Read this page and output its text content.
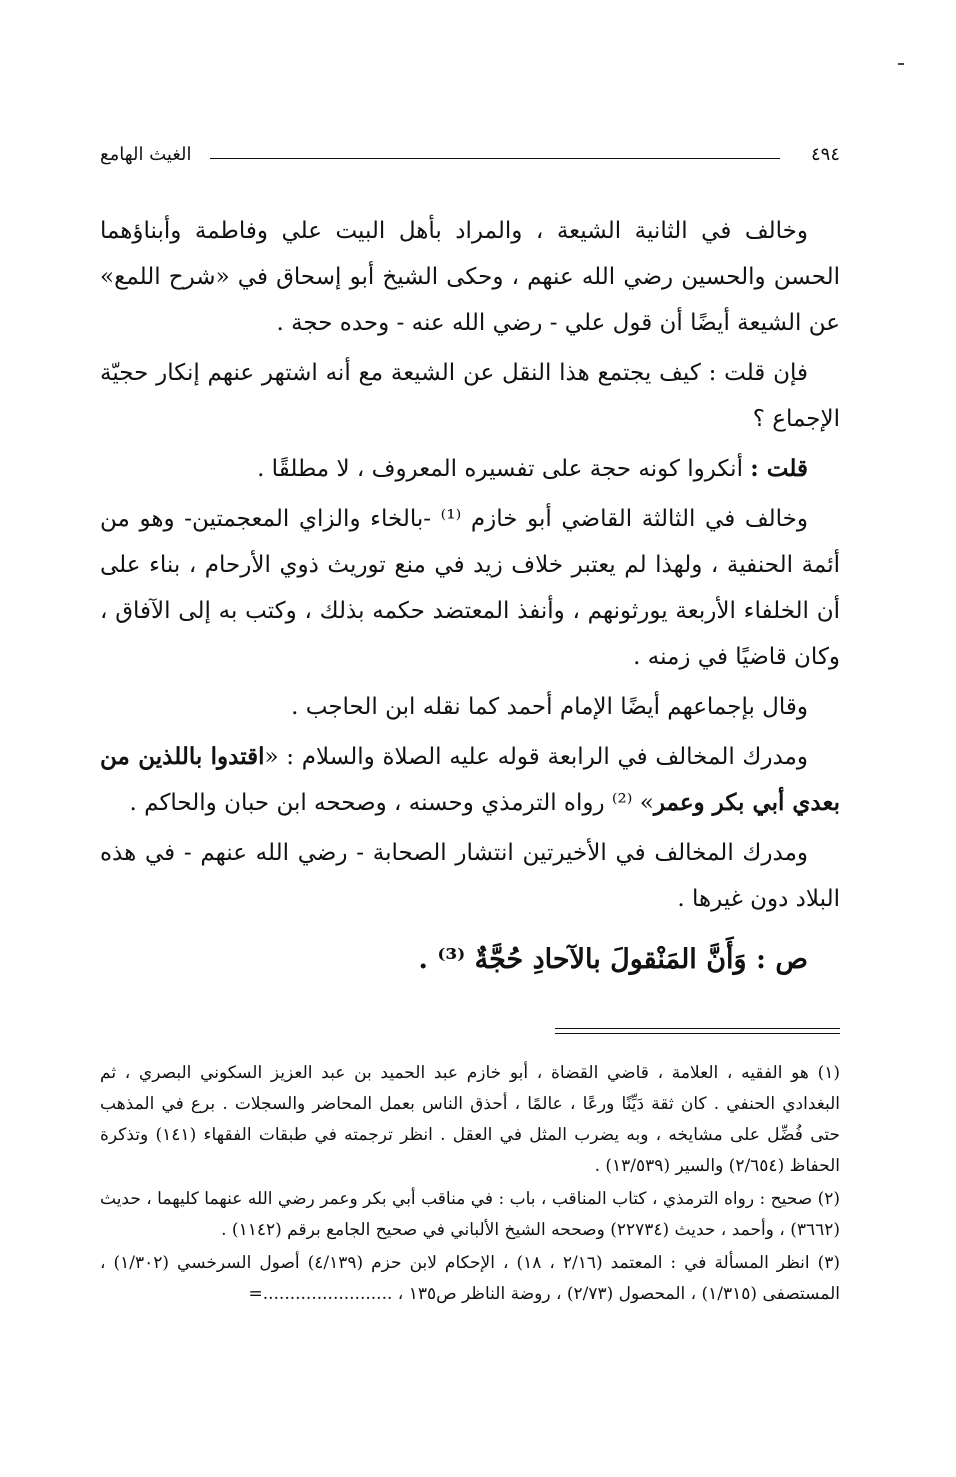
٤٩٤
الغيث الهامع

وخالف في الثانية الشيعة ، والمراد بأهل البيت علي وفاطمة وأبناؤهما الحسن والحسين رضي الله عنهم ، وحكى الشيخ أبو إسحاق في «شرح اللمع» عن الشيعة أيضًا أن قول علي - رضي الله عنه - وحده حجة .

فإن قلت : كيف يجتمع هذا النقل عن الشيعة مع أنه اشتهر عنهم إنكار حجيّة الإجماع ؟

قلت : أنكروا كونه حجة على تفسيره المعروف ، لا مطلقًا .

وخالف في الثالثة القاضي أبو خازم ⁽¹⁾ -بالخاء والزاي المعجمتين- وهو من أئمة الحنفية ، ولهذا لم يعتبر خلاف زيد في منع توريث ذوي الأرحام ، بناء على أن الخلفاء الأربعة يورثونهم ، وأنفذ المعتضد حكمه بذلك ، وكتب به إلى الآفاق ، وكان قاضيًا في زمنه .

وقال بإجماعهم أيضًا الإمام أحمد كما نقله ابن الحاجب .

ومدرك المخالف في الرابعة قوله عليه الصلاة والسلام : «اقتدوا باللذين من بعدي أبي بكر وعمر» ⁽²⁾ رواه الترمذي وحسنه ، وصححه ابن حبان والحاكم .

ومدرك المخالف في الأخيرتين انتشار الصحابة - رضي الله عنهم - في هذه البلاد دون غيرها .

ص : وَأَنَّ المَنْقولَ بالآحادِ حُجَّةٌ ⁽³⁾ .

(١) هو الفقيه ، العلامة ، قاضي القضاة ، أبو خازم عبد الحميد بن عبد العزيز السكوني البصري ، ثم البغدادي الحنفي . كان ثقة دَيِّنًا ورعًا ، عالمًا ، أحذق الناس بعمل المحاضر والسجلات . برع في المذهب حتى فُضِّل على مشايخه ، وبه يضرب المثل في العقل . انظر ترجمته في طبقات الفقهاء (١٤١) وتذكرة الحفاظ (٢/٦٥٤) والسير (١٣/٥٣٩) .

(٢) صحيح : رواه الترمذي ، كتاب المناقب ، باب : في مناقب أبي بكر وعمر رضي الله عنهما كليهما ، حديث (٣٦٦٢) ، وأحمد ، حديث (٢٢٧٣٤) وصححه الشيخ الألباني في صحيح الجامع برقم (١١٤٢) .

(٣) انظر المسألة في : المعتمد (٢/١٦ ، ١٨) ، الإحكام لابن حزم (٤/١٣٩) أصول السرخسي (١/٣٠٢) ، المستصفى (١/٣١٥) ، المحصول (٢/٧٣) ، روضة الناظر ص١٣٥ ، ........................=
